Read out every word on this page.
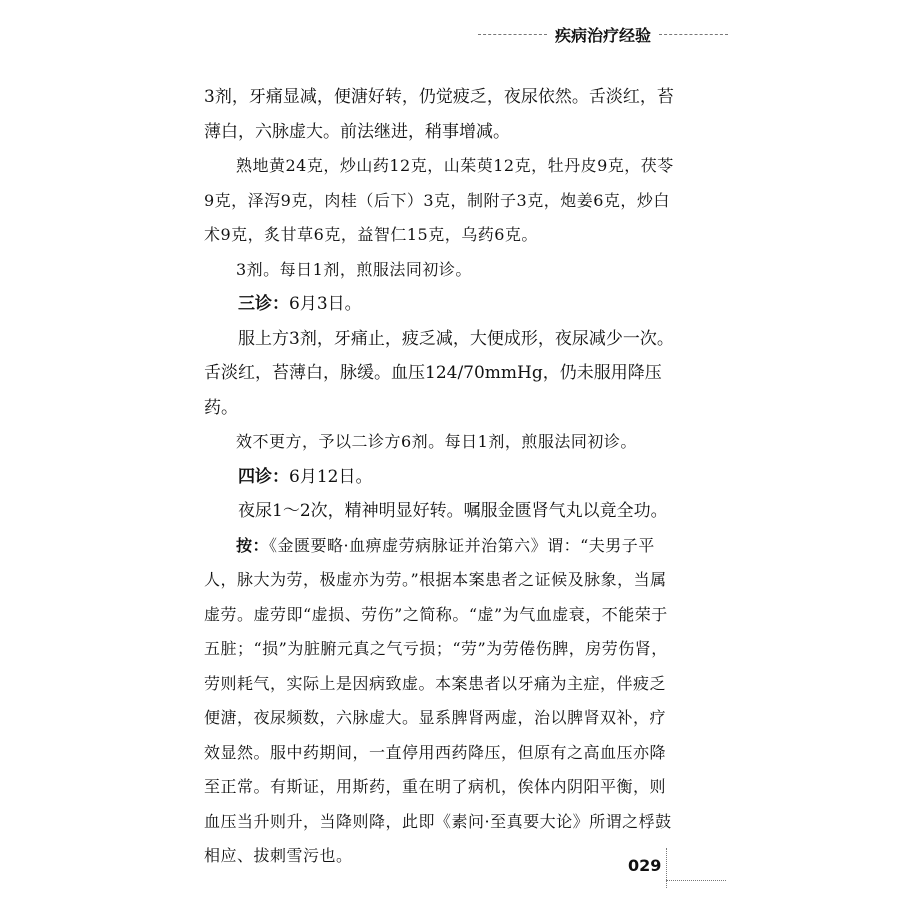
疾病治疗经验

3剂，牙痛显减，便溏好转，仍觉疲乏，夜尿依然。舌淡红，苔薄白，六脉虚大。前法继进，稍事增减。

熟地黄24克，炒山药12克，山茱萸12克，牡丹皮9克，茯苓9克，泽泻9克，肉桂（后下）3克，制附子3克，炮姜6克，炒白术9克，炙甘草6克，益智仁15克，乌药6克。

3剂。每日1剂，煎服法同初诊。

三诊：6月3日。

服上方3剂，牙痛止，疲乏减，大便成形，夜尿减少一次。舌淡红，苔薄白，脉缓。血压124/70mmHg，仍未服用降压药。

效不更方，予以二诊方6剂。每日1剂，煎服法同初诊。

四诊：6月12日。

夜尿1～2次，精神明显好转。嘱服金匮肾气丸以竟全功。

按：《金匮要略·血痹虚劳病脉证并治第六》谓：“夫男子平人，脉大为劳，极虚亦为劳。”根据本案患者之证候及脉象，当属虚劳。虚劳即“虚损、劳伤”之简称。“虚”为气血虚衰，不能荣于五脏；“损”为脏腑元真之气亏损；“劳”为劳倦伤脾，房劳伤肾，劳则耗气，实际上是因病致虚。本案患者以牙痛为主症，伴疲乏便溏，夜尿频数，六脉虚大。显系脾肾两虚，治以脾肾双补，疗效显然。服中药期间，一直停用西药降压，但原有之高血压亦降至正常。有斯证，用斯药，重在明了病机，俟体内阴阳平衡，则血压当升则升，当降则降，此即《素问·至真要大论》所谓之桴鼓相应、拔刺雪污也。

029
